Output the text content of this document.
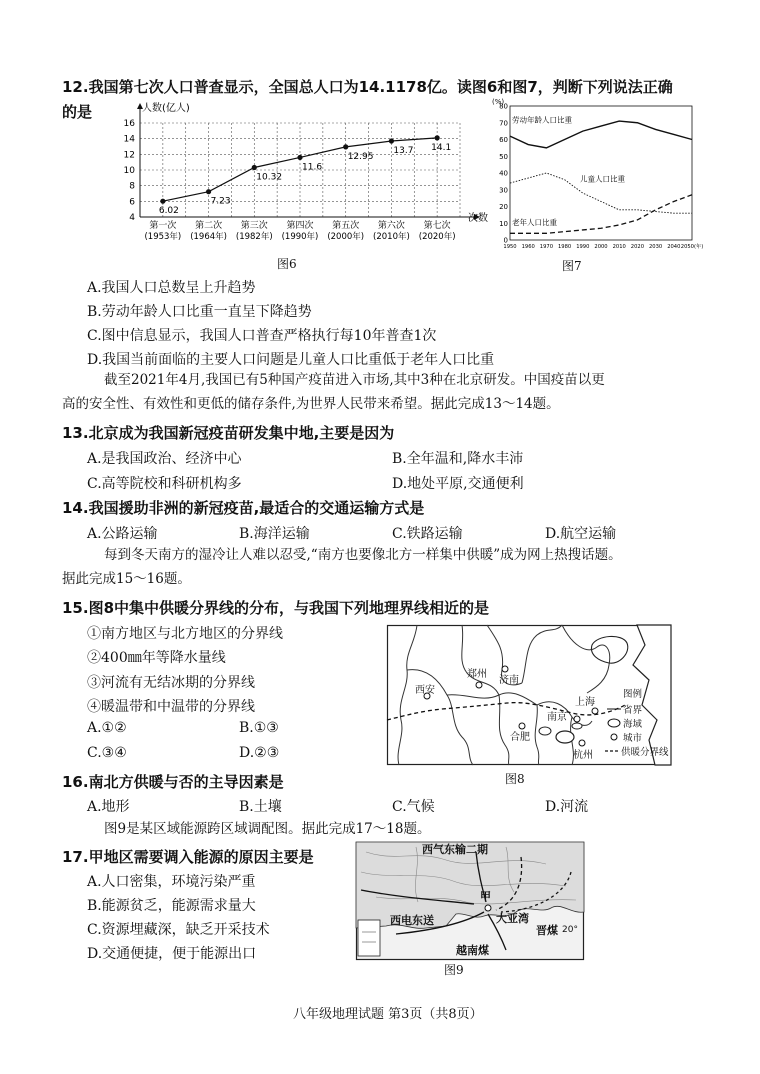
12.我国第七次人口普查显示，全国总人口为14.1178亿。读图6和图7，判断下列说法正确
的是
4
6
8
10
12
14
16
人数(亿人)
次数
6.02
7.23
10.32
11.6
12.95
13.7 14.1
第一次
(1953年)
第二次
(1964年)
第三次
(1982年)
第四次
(1990年)
第五次
(2000年)
第六次
(2010年)
第七次
(2020年)
图6
(%)
0
10
20
30
40
50
60
70
80
1950 1960 1970 1980 1990 2000 2010 2020 2030 2040 2050(年)
劳动年龄人口比重
儿童人口比重
老年人口比重
图7
A.我国人口总数呈上升趋势
B.劳动年龄人口比重一直呈下降趋势
C.图中信息显示，我国人口普查严格执行每10年普查1次
D.我国当前面临的主要人口问题是儿童人口比重低于老年人口比重
截至2021年4月,我国已有5种国产疫苗进入市场,其中3种在北京研发。中国疫苗以更
高的安全性、有效性和更低的储存条件,为世界人民带来希望。据此完成13～14题。
13.北京成为我国新冠疫苗研发集中地,主要是因为
A.是我国政治、经济中心	B.全年温和,降水丰沛
C.高等院校和科研机构多	D.地处平原,交通便利
14.我国援助非洲的新冠疫苗,最适合的交通运输方式是
A.公路运输	B.海洋运输	C.铁路运输	D.航空运输
每到冬天南方的湿冷让人难以忍受,“南方也要像北方一样集中供暖”成为网上热搜话题。
据此完成15～16题。
15.图8中集中供暖分界线的分布，与我国下列地理界线相近的是
①南方地区与北方地区的分界线
②400㎜年等降水量线
③河流有无结冰期的分界线
④暖温带和中温带的分界线
A.①②	B.①③
C.③④	D.②③
济南
西安
郑州
南京
上海
合肥
杭州
图例
省界
海域
城市
供暖分界线
图8
16.南北方供暖与否的主导因素是
A.地形	B.土壤	C.气候	D.河流
图9是某区域能源跨区域调配图。据此完成17～18题。
17.甲地区需要调入能源的原因主要是
A.人口密集，环境污染严重
B.能源贫乏，能源需求量大
C.资源埋藏深，缺乏开采技术
D.交通便捷，便于能源出口
西气东输二期
西电东送
甲
大亚湾
晋煤
越南煤
20°
图9
八年级地理试题 第3页（共8页）
